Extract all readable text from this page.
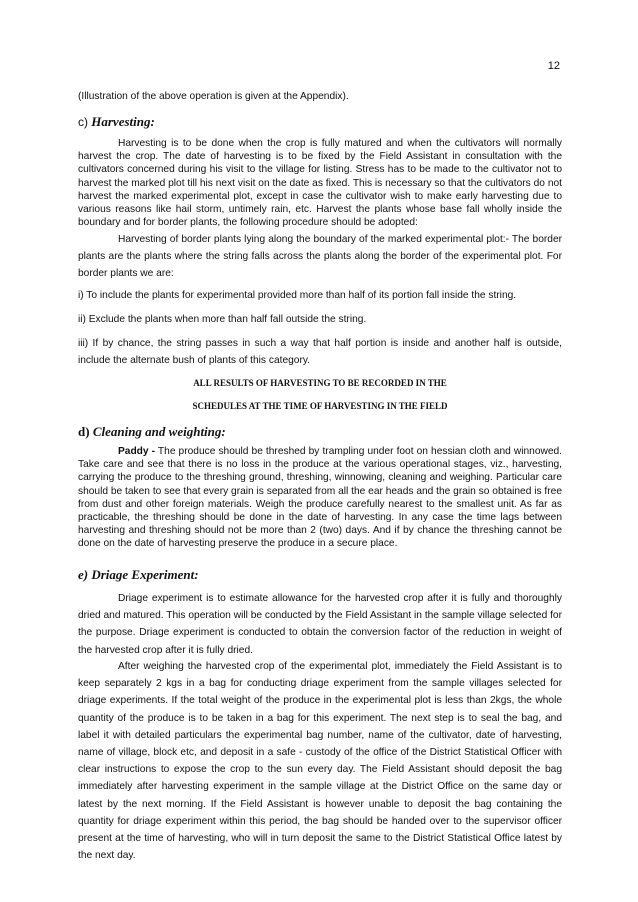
12

(Illustration of the above operation is given at the Appendix).

c) Harvesting:

Harvesting is to be done when the crop is fully matured and when the cultivators will normally harvest the crop. The date of harvesting is to be fixed by the Field Assistant in consultation with the cultivators concerned during his visit to the village for listing. Stress has to be made to the cultivator not to harvest the marked plot till his next visit on the date as fixed. This is necessary so that the cultivators do not harvest the marked experimental plot, except in case the cultivator wish to make early harvesting due to various reasons like hail storm, untimely rain, etc. Harvest the plants whose base fall wholly inside the boundary and for border plants, the following procedure should be adopted:

Harvesting of border plants lying along the boundary of the marked experimental plot:- The border plants are the plants where the string falls across the plants along the border of the experimental plot. For border plants we are:

i) To include the plants for experimental provided more than half of its portion fall inside the string.

ii) Exclude the plants when more than half fall outside the string.

iii) If by chance, the string passes in such a way that half portion is inside and another half is outside, include the alternate bush of plants of this category.

ALL RESULTS OF HARVESTING TO BE RECORDED IN THE

SCHEDULES AT THE TIME OF HARVESTING IN THE FIELD

d) Cleaning and weighting:

Paddy - The produce should be threshed by trampling under foot on hessian cloth and winnowed. Take care and see that there is no loss in the produce at the various operational stages, viz., harvesting, carrying the produce to the threshing ground, threshing, winnowing, cleaning and weighing. Particular care should be taken to see that every grain is separated from all the ear heads and the grain so obtained is free from dust and other foreign materials. Weigh the produce carefully nearest to the smallest unit. As far as practicable, the threshing should be done in the date of harvesting. In any case the time lags between harvesting and threshing should not be more than 2 (two) days. And if by chance the threshing cannot be done on the date of harvesting preserve the produce in a secure place.

e) Driage Experiment:

Driage experiment is to estimate allowance for the harvested crop after it is fully and thoroughly dried and matured. This operation will be conducted by the Field Assistant in the sample village selected for the purpose. Driage experiment is conducted to obtain the conversion factor of the reduction in weight of the harvested crop after it is fully dried.

After weighing the harvested crop of the experimental plot, immediately the Field Assistant is to keep separately 2 kgs in a bag for conducting driage experiment from the sample villages selected for driage experiments. If the total weight of the produce in the experimental plot is less than 2kgs, the whole quantity of the produce is to be taken in a bag for this experiment. The next step is to seal the bag, and label it with detailed particulars the experimental bag number, name of the cultivator, date of harvesting, name of village, block etc, and deposit in a safe - custody of the office of the District Statistical Officer with clear instructions to expose the crop to the sun every day. The Field Assistant should deposit the bag immediately after harvesting experiment in the sample village at the District Office on the same day or latest by the next morning. If the Field Assistant is however unable to deposit the bag containing the quantity for driage experiment within this period, the bag should be handed over to the supervisor officer present at the time of harvesting, who will in turn deposit the same to the District Statistical Office latest by the next day.
